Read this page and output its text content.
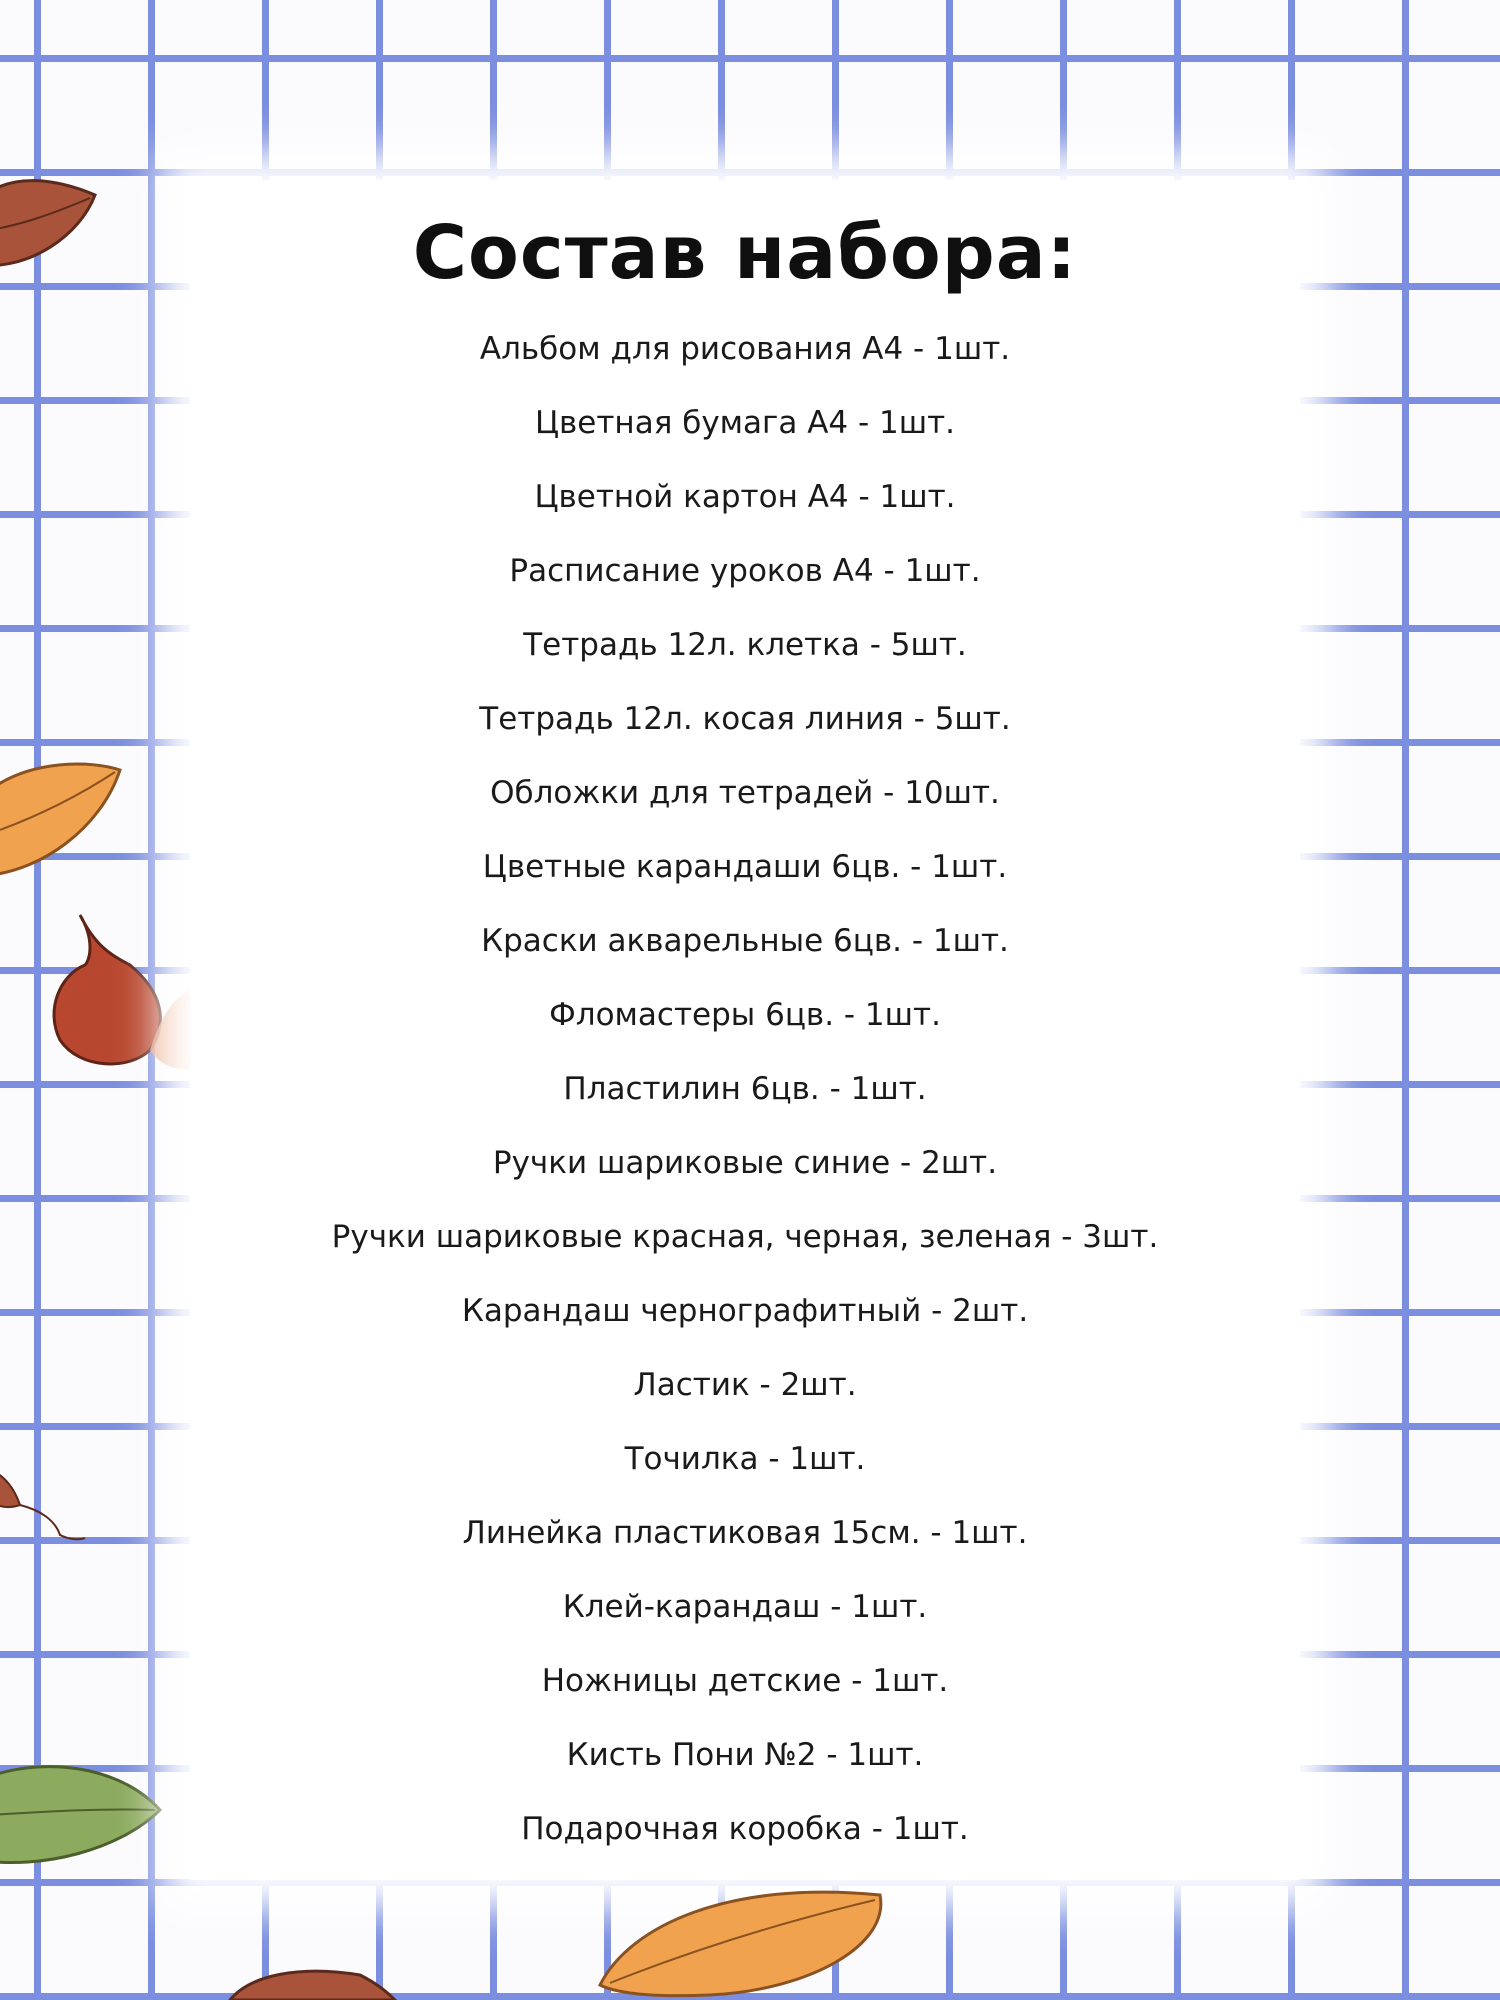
Состав набора:
Альбом для рисования А4 - 1шт.
Цветная бумага А4 - 1шт.
Цветной картон А4 - 1шт.
Расписание уроков А4 - 1шт.
Тетрадь 12л. клетка - 5шт.
Тетрадь 12л. косая линия - 5шт.
Обложки для тетрадей - 10шт.
Цветные карандаши 6цв. - 1шт.
Краски акварельные 6цв. - 1шт.
Фломастеры 6цв. - 1шт.
Пластилин 6цв. - 1шт.
Ручки шариковые синие - 2шт.
Ручки шариковые красная, черная, зеленая - 3шт.
Карандаш чернографитный - 2шт.
Ластик - 2шт.
Точилка - 1шт.
Линейка пластиковая 15см. - 1шт.
Клей-карандаш - 1шт.
Ножницы детские - 1шт.
Кисть Пони №2 - 1шт.
Подарочная коробка - 1шт.
